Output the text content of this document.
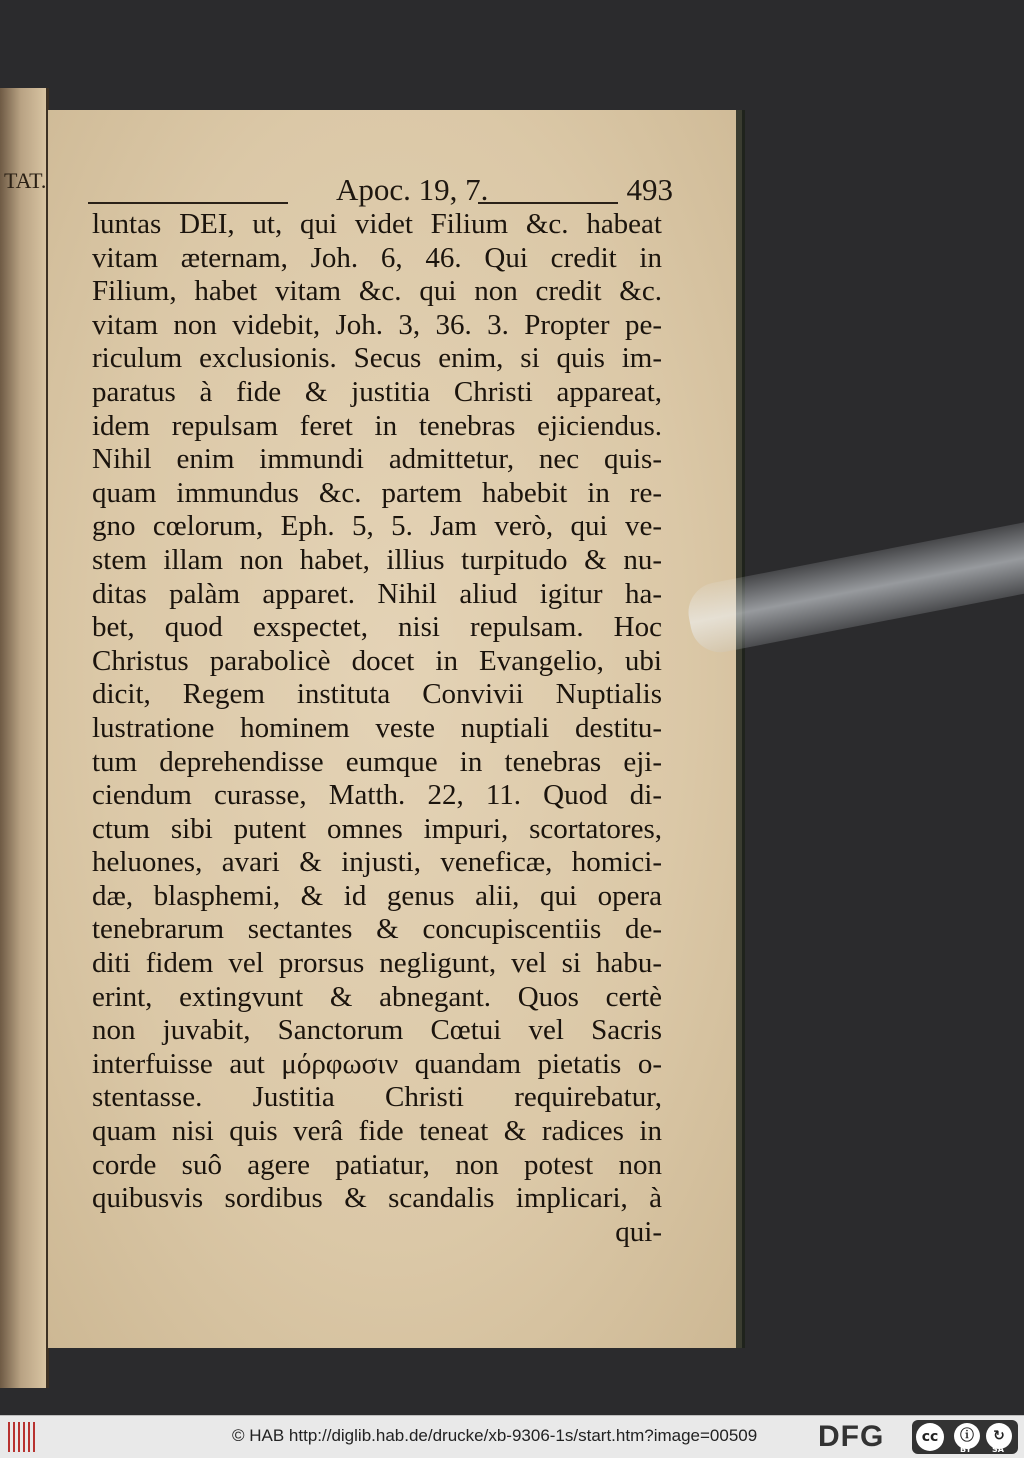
TAT.	Apoc. 19, 7.	493
luntas DEI, ut, qui videt Filium &c. habeat
vitam æternam, Joh. 6, 46. Qui credit in
Filium, habet vitam &c. qui non credit &c.
vitam non videbit, Joh. 3, 36. 3. Propter pe-
riculum exclusionis. Secus enim, si quis im-
paratus à fide & justitia Christi appareat,
idem repulsam feret in tenebras ejiciendus.
Nihil enim immundi admittetur, nec quis-
quam immundus &c. partem habebit in re-
gno cœlorum, Eph. 5, 5. Jam verò, qui ve-
stem illam non habet, illius turpitudo & nu-
ditas palàm apparet. Nihil aliud igitur ha-
bet, quod exspectet, nisi repulsam. Hoc
Christus parabolicè docet in Evangelio, ubi
dicit, Regem instituta Convivii Nuptialis
lustratione hominem veste nuptiali destitu-
tum deprehendisse eumque in tenebras eji-
ciendum curasse, Matth. 22, 11. Quod di-
ctum sibi putent omnes impuri, scortatores,
heluones, avari & injusti, veneficæ, homici-
dæ, blasphemi, & id genus alii, qui opera
tenebrarum sectantes & concupiscentiis de-
diti fidem vel prorsus negligunt, vel si habu-
erint, extingvunt & abnegant. Quos certè
non juvabit, Sanctorum Cœtui vel Sacris
interfuisse aut μόρφωσιν quandam pietatis o-
stentasse. Justitia Christi requirebatur,
quam nisi quis verâ fide teneat & radices in
corde suô agere patiatur, non potest non
quibusvis sordibus & scandalis implicari, à
qui-
© HAB http://diglib.hab.de/drucke/xb-9306-1s/start.htm?image=00509 DFG	cc	ⓘ	↻
BY	SA
